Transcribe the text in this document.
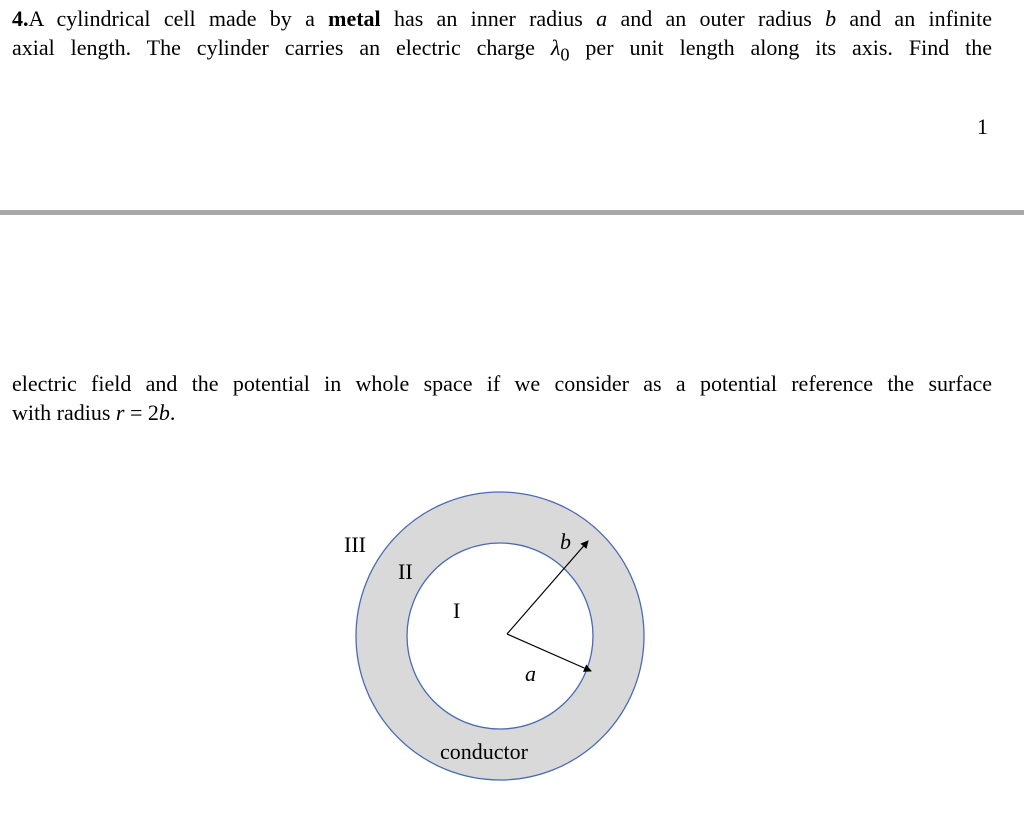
4.A cylindrical cell made by a metal has an inner radius a and an outer radius b and an infinite
axial length. The cylinder carries an electric charge $\lambda_0$ per unit length along its axis. Find the
1
electric field and the potential in whole space if we consider as a potential reference the surface
with radius r = 2b.
III
II
I
b
a
conductor
